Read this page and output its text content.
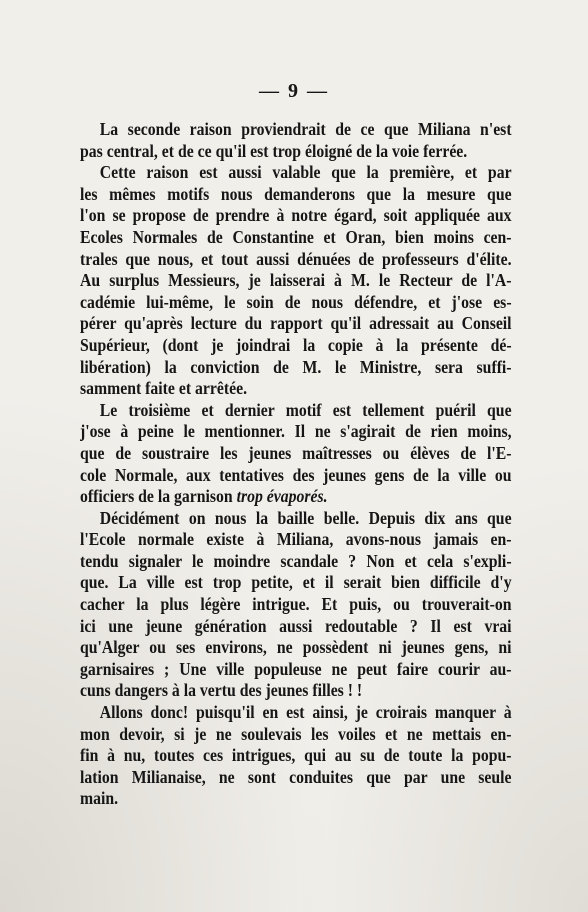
— 9 —
La seconde raison proviendrait de ce que Miliana n'est
pas central, et de ce qu'il est trop éloigné de la voie ferrée.
Cette raison est aussi valable que la première, et par
les mêmes motifs nous demanderons que la mesure que
l'on se propose de prendre à notre égard, soit appliquée aux
Ecoles Normales de Constantine et Oran, bien moins cen-
trales que nous, et tout aussi dénuées de professeurs d'élite.
Au surplus Messieurs, je laisserai à M. le Recteur de l'A-
cadémie lui-même, le soin de nous défendre, et j'ose es-
pérer qu'après lecture du rapport qu'il adressait au Conseil
Supérieur, (dont je joindrai la copie à la présente dé-
libération) la conviction de M. le Ministre, sera suffi-
samment faite et arrêtée.
Le troisième et dernier motif est tellement puéril que
j'ose à peine le mentionner. Il ne s'agirait de rien moins,
que de soustraire les jeunes maîtresses ou élèves de l'E-
cole Normale, aux tentatives des jeunes gens de la ville ou
officiers de la garnison trop évaporés.
Décidément on nous la baille belle. Depuis dix ans que
l'Ecole normale existe à Miliana, avons-nous jamais en-
tendu signaler le moindre scandale ? Non et cela s'expli-
que. La ville est trop petite, et il serait bien difficile d'y
cacher la plus légère intrigue. Et puis, ou trouverait-on
ici une jeune génération aussi redoutable ? Il est vrai
qu'Alger ou ses environs, ne possèdent ni jeunes gens, ni
garnisaires ; Une ville populeuse ne peut faire courir au-
cuns dangers à la vertu des jeunes filles ! !
Allons donc! puisqu'il en est ainsi, je croirais manquer à
mon devoir, si je ne soulevais les voiles et ne mettais en-
fin à nu, toutes ces intrigues, qui au su de toute la popu-
lation Milianaise, ne sont conduites que par une seule
main.
